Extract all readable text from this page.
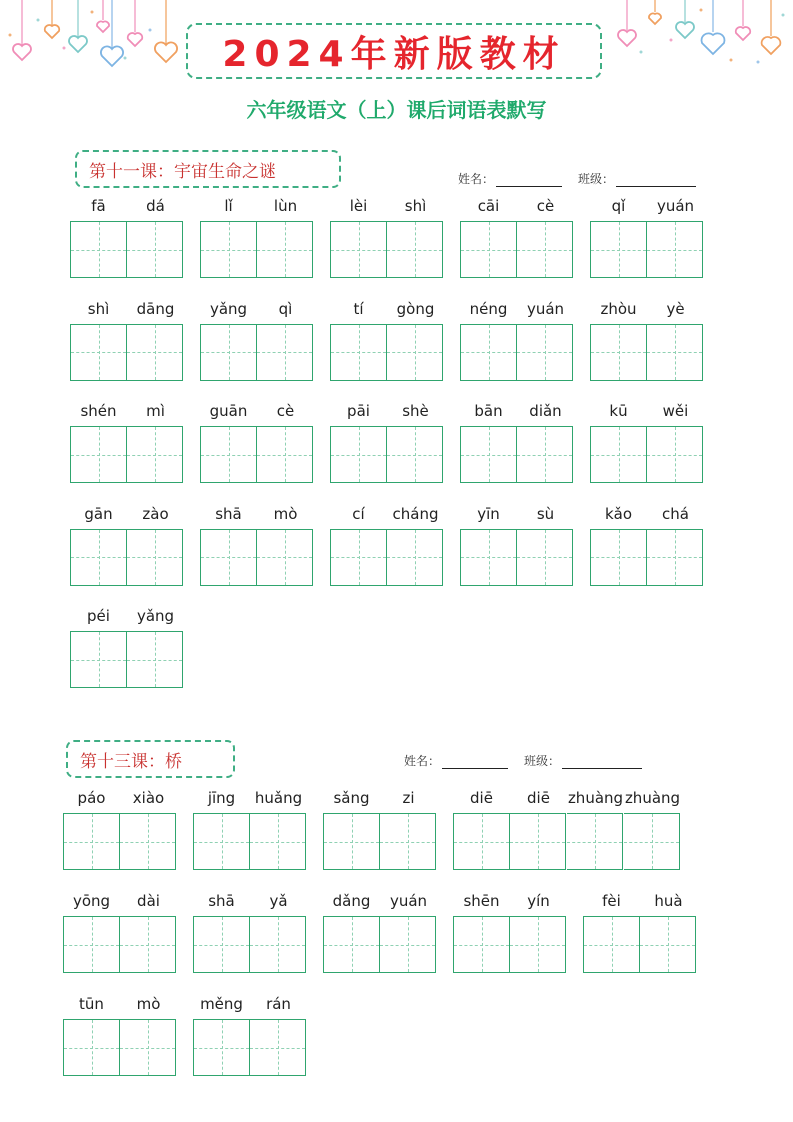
2024年新版教材
六年级语文（上）课后词语表默写
第十一课：宇宙生命之谜	姓名：	班级：
第十三课：桥	姓名：	班级：
fā	dá	lǐ	lùn	lèi	shì	cāi	cè	qǐ	yuán
shì	dāng	yǎng	qì	tí	gòng	néng	yuán	zhòu	yè
shén	mì	guān	cè	pāi	shè	bān	diǎn	kū	wěi
gān	zào	shā	mò	cí	cháng	yīn	sù	kǎo	chá
péi	yǎng
páo	xiào	jīng	huǎng	sǎng	zi	diē	diē	zhuàng zhuàng
yōng	dài	shā	yǎ	dǎng	yuán	shēn	yín	fèi	huà
tūn	mò	měng	rán
